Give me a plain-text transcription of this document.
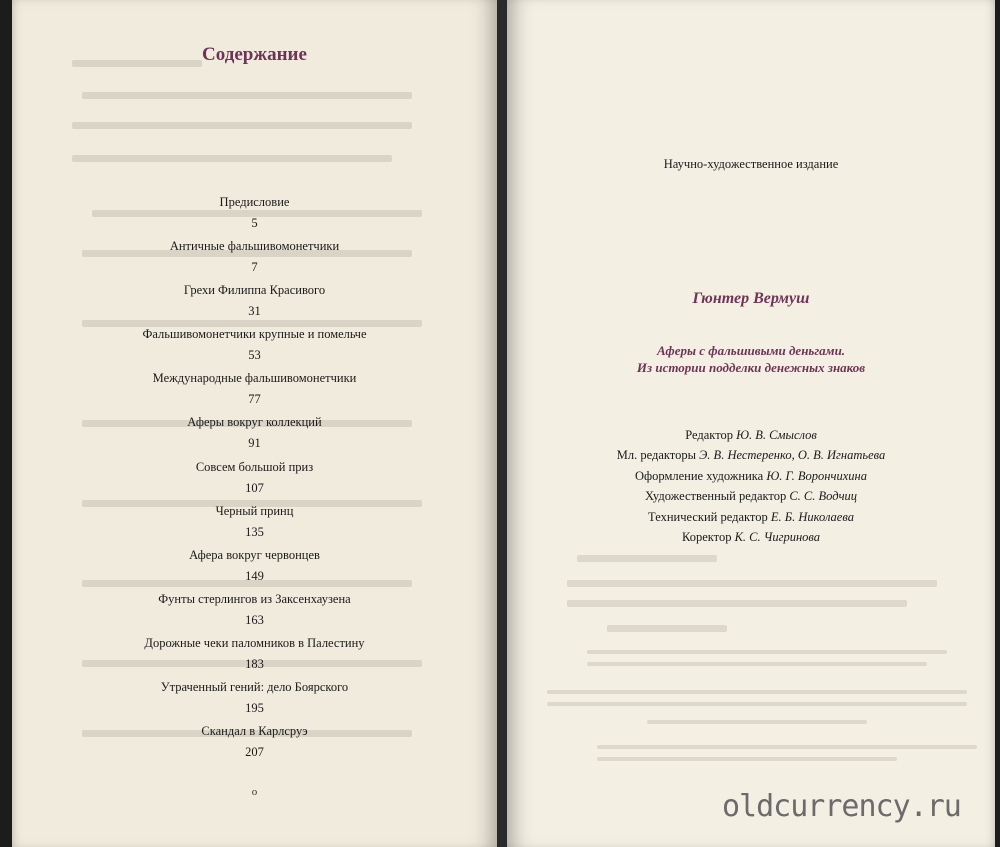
Содержание
Предисловие
5
Античные фальшивомонетчики
7
Грехи Филиппа Красивого
31
Фальшивомонетчики крупные и помельче
53
Международные фальшивомонетчики
77
Аферы вокруг коллекций
91
Совсем большой приз
107
Черный принц
135
Афера вокруг червонцев
149
Фунты стерлингов из Заксенхаузена
163
Дорожные чеки паломников в Палестину
183
Утраченный гений: дело Боярского
195
Скандал в Карлсруэ
207
o
Научно-художественное издание
Гюнтер Вермуш
Аферы с фальшивыми деньгами.
Из истории подделки денежных знаков
Редактор Ю. В. Смыслов
Мл. редакторы Э. В. Нестеренко, О. В. Игнатьева
Оформление художника Ю. Г. Ворончихина
Художественный редактор С. С. Водчиц
Технический редактор Е. Б. Николаева
Коректор К. С. Чигринова
oldcurrency.ru
